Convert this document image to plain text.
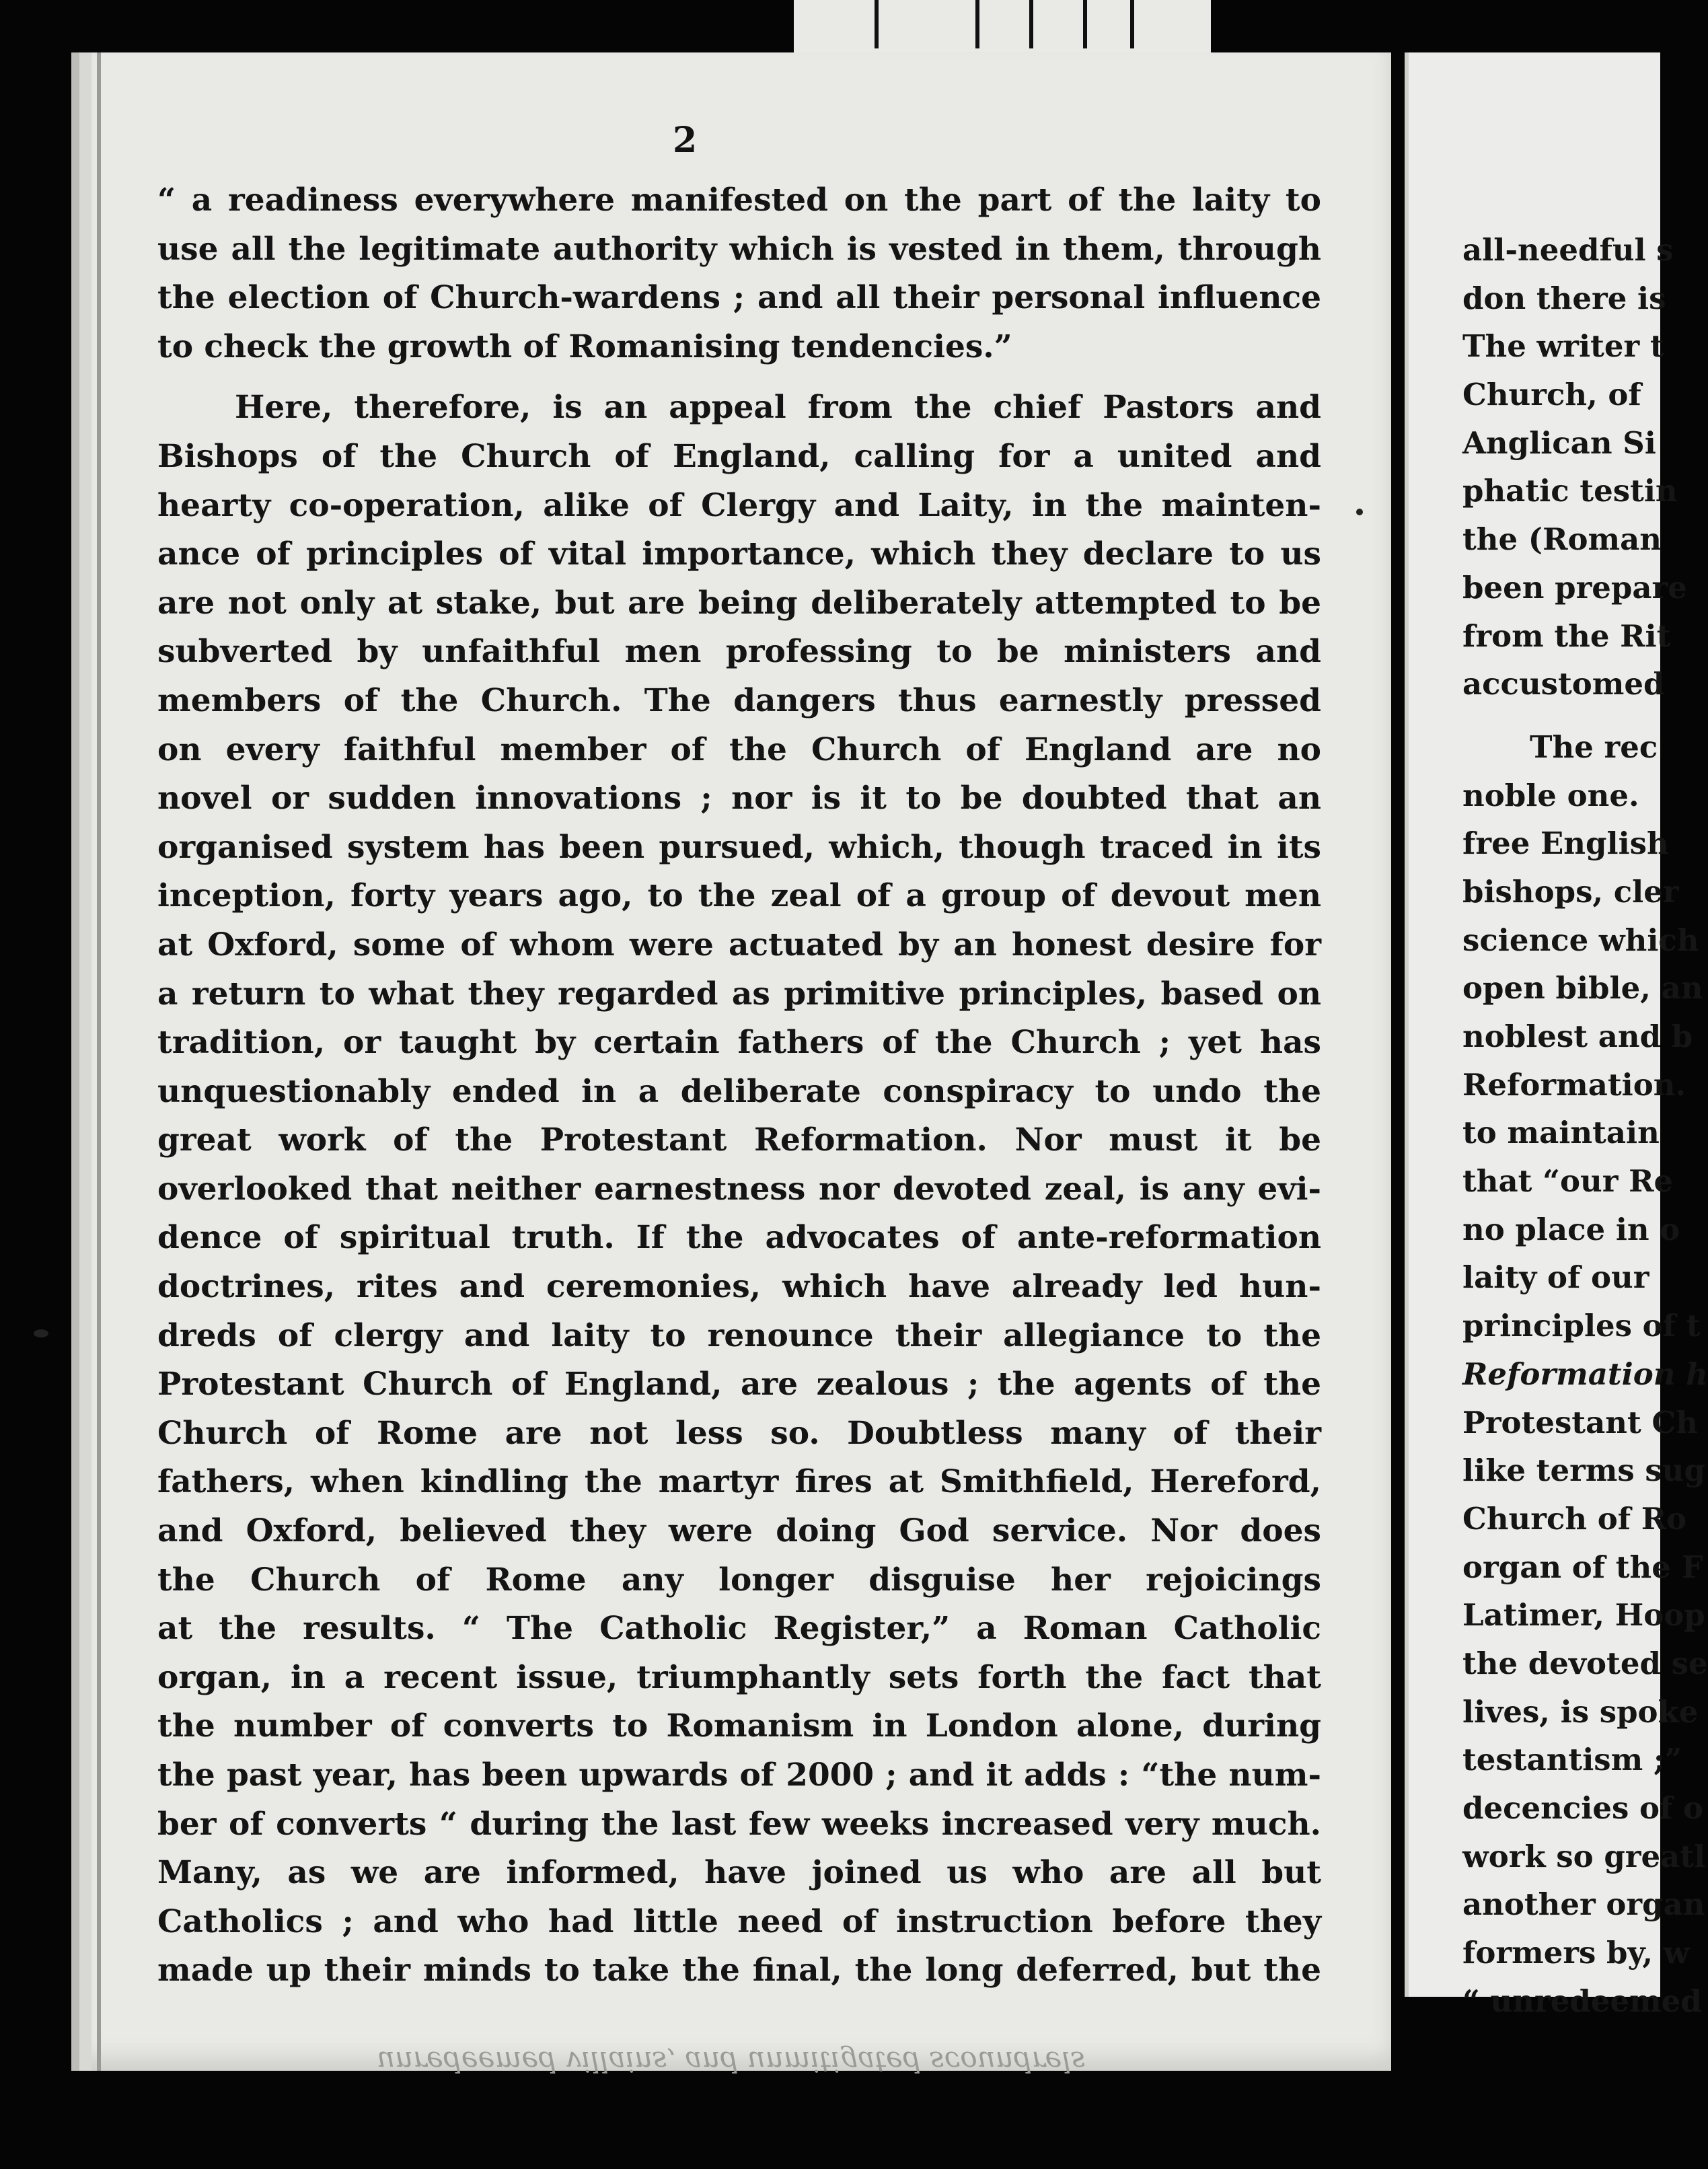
2
“ a readiness everywhere manifested on the part of the laity to
use all the legitimate authority which is vested in them, through
the election of Church-wardens ; and all their personal influence
to check the growth of Romanising tendencies.”
Here, therefore, is an appeal from the chief Pastors and
Bishops of the Church of England, calling for a united and
hearty co-operation, alike of Clergy and Laity, in the mainten-
ance of principles of vital importance, which they declare to us
are not only at stake, but are being deliberately attempted to be
subverted by unfaithful men professing to be ministers and
members of the Church. The dangers thus earnestly pressed
on every faithful member of the Church of England are no
novel or sudden innovations ; nor is it to be doubted that an
organised system has been pursued, which, though traced in its
inception, forty years ago, to the zeal of a group of devout men
at Oxford, some of whom were actuated by an honest desire for
a return to what they regarded as primitive principles, based on
tradition, or taught by certain fathers of the Church ; yet has
unquestionably ended in a deliberate conspiracy to undo the
great work of the Protestant Reformation. Nor must it be
overlooked that neither earnestness nor devoted zeal, is any evi-
dence of spiritual truth. If the advocates of ante-reformation
doctrines, rites and ceremonies, which have already led hun-
dreds of clergy and laity to renounce their allegiance to the
Protestant Church of England, are zealous ; the agents of the
Church of Rome are not less so. Doubtless many of their
fathers, when kindling the martyr fires at Smithfield, Hereford,
and Oxford, believed they were doing God service. Nor does
the Church of Rome any longer disguise her rejoicings
at the results. “ The Catholic Register,” a Roman Catholic
organ, in a recent issue, triumphantly sets forth the fact that
the number of converts to Romanism in London alone, during
the past year, has been upwards of 2000 ; and it adds : “the num-
ber of converts “ during the last few weeks increased very much.
Many, as we are informed, have joined us who are all but
Catholics ; and who had little need of instruction before they
made up their minds to take the final, the long deferred, but the
unredeemed villains, and unmitigated scoundrels
all-needful s
don there is
The writer t
Church, of
Anglican Si
phatic testin
the (Roman
been prepare
from the Rit
accustomed
The rec
noble one.
free English
bishops, cler
science which
open bible, an
noblest and b
Reformation.
to maintain
that “our Re
no place in o
laity of our
principles of t
Reformation h
Protestant Ch
like terms sug
Church of Ro
organ of the F
Latimer, Hoop
the devoted se
lives, is spoke
testantism ;”
decencies of o
work so greatl
another organ
formers by, w
“ unredeemed
